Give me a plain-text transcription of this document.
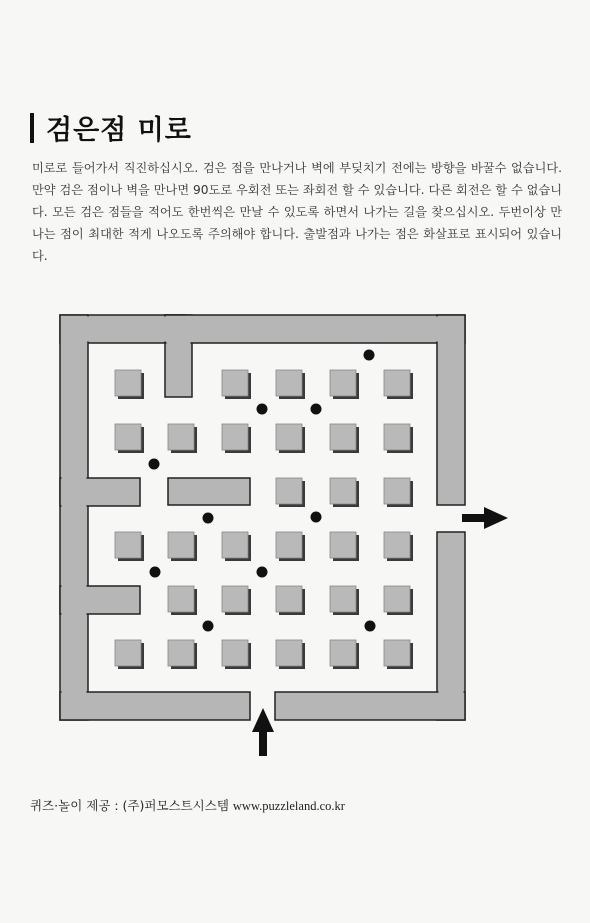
검은점 미로
미로로 들어가서 직진하십시오. 검은 점을 만나거나 벽에 부딪치기 전에는 방향을 바꿀수 없습니다. 만약 검은 점이나 벽을 만나면 90도로 우회전 또는 좌회전 할 수 있습니다. 다른 회전은 할 수 없습니다. 모든 검은 점들을 적어도 한번씩은 만날 수 있도록 하면서 나가는 길을 찾으십시오. 두번이상 만나는 점이 최대한 적게 나오도록 주의해야 합니다. 출발점과 나가는 점은 화살표로 표시되어 있습니다.
퀴즈·놀이 제공 : (주)퍼모스트시스템 www.puzzleland.co.kr
